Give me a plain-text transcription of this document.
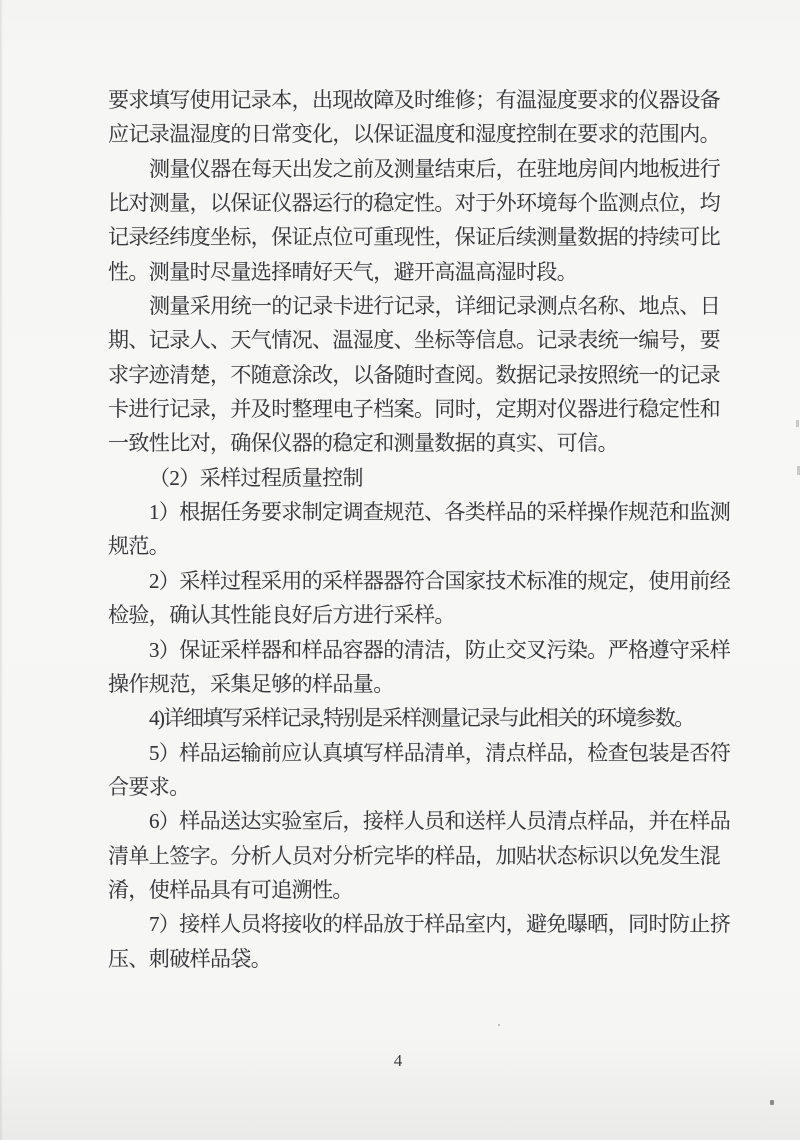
要求填写使用记录本，出现故障及时维修；有温湿度要求的仪器设备
应记录温湿度的日常变化，以保证温度和湿度控制在要求的范围内。
测量仪器在每天出发之前及测量结束后，在驻地房间内地板进行
比对测量，以保证仪器运行的稳定性。对于外环境每个监测点位，均
记录经纬度坐标，保证点位可重现性，保证后续测量数据的持续可比
性。测量时尽量选择晴好天气，避开高温高湿时段。
测量采用统一的记录卡进行记录，详细记录测点名称、地点、日
期、记录人、天气情况、温湿度、坐标等信息。记录表统一编号，要
求字迹清楚，不随意涂改，以备随时查阅。数据记录按照统一的记录
卡进行记录，并及时整理电子档案。同时，定期对仪器进行稳定性和
一致性比对，确保仪器的稳定和测量数据的真实、可信。
（2）采样过程质量控制
1）根据任务要求制定调查规范、各类样品的采样操作规范和监测
规范。
2）采样过程采用的采样器器符合国家技术标准的规定，使用前经
检验，确认其性能良好后方进行采样。
3）保证采样器和样品容器的清洁，防止交叉污染。严格遵守采样
操作规范，采集足够的样品量。
4)详细填写采样记录,特别是采样测量记录与此相关的环境参数。
5）样品运输前应认真填写样品清单，清点样品，检查包装是否符
合要求。
6）样品送达实验室后，接样人员和送样人员清点样品，并在样品
清单上签字。分析人员对分析完毕的样品，加贴状态标识以免发生混
淆，使样品具有可追溯性。
7）接样人员将接收的样品放于样品室内，避免曝晒，同时防止挤
压、刺破样品袋。
4
